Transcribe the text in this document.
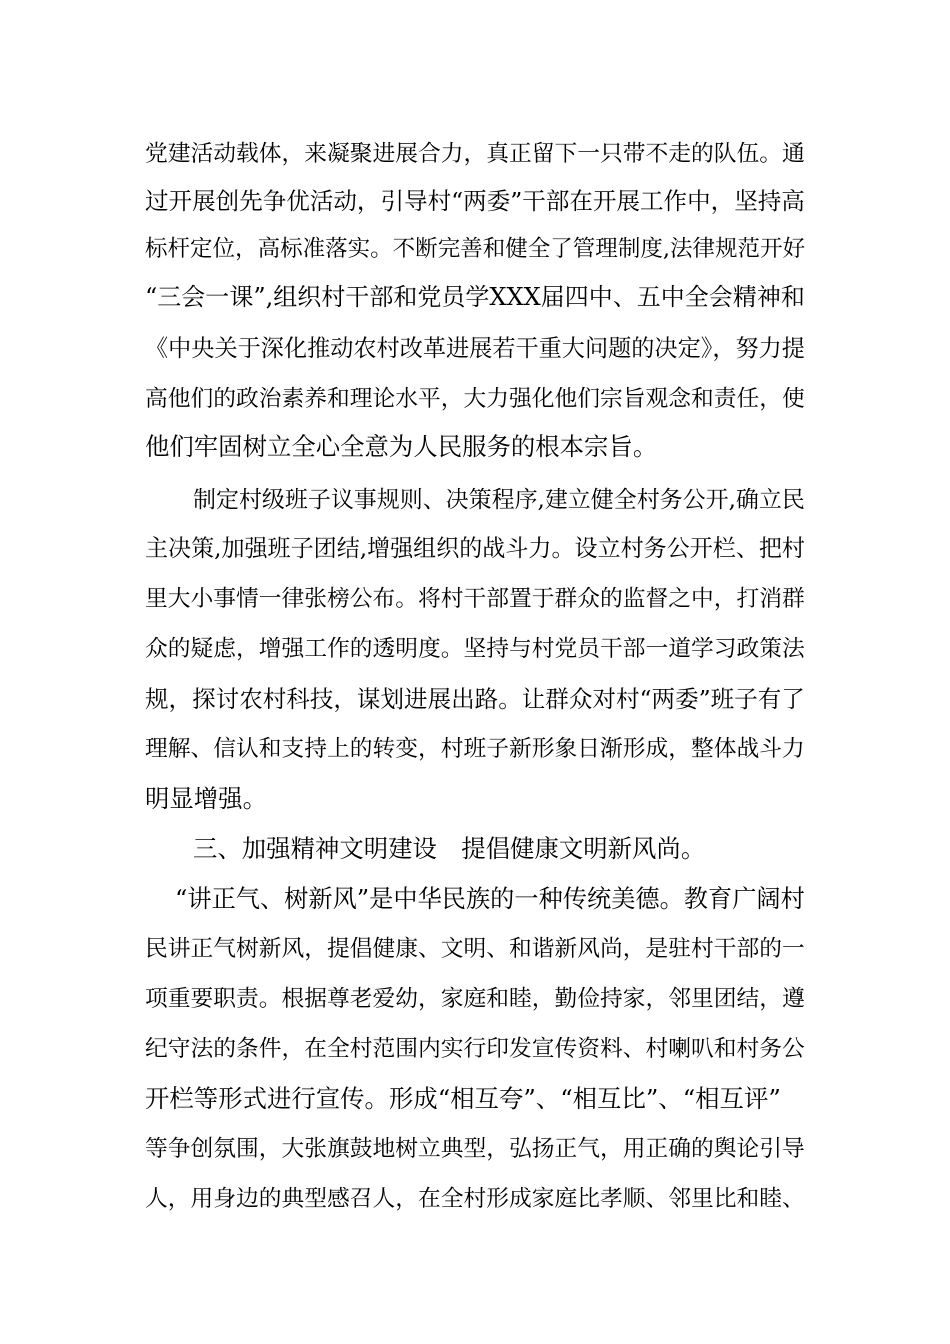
党建活动载体，来凝聚进展合力，真正留下一只带不走的队伍。通
过开展创先争优活动，引导村“两委”干部在开展工作中，坚持高
标杆定位，高标准落实。不断完善和健全了管理制度,法律规范开好
“三会一课”,组织村干部和党员学XXX届四中、五中全会精神和
《中央关于深化推动农村改革进展若干重大问题的决定》，努力提
高他们的政治素养和理论水平，大力强化他们宗旨观念和责任，使
他们牢固树立全心全意为人民服务的根本宗旨。
制定村级班子议事规则、决策程序,建立健全村务公开,确立民
主决策,加强班子团结,增强组织的战斗力。设立村务公开栏、把村
里大小事情一律张榜公布。将村干部置于群众的监督之中，打消群
众的疑虑，增强工作的透明度。坚持与村党员干部一道学习政策法
规，探讨农村科技，谋划进展出路。让群众对村“两委”班子有了
理解、信认和支持上的转变，村班子新形象日渐形成，整体战斗力
明显增强。
三、加强精神文明建设　提倡健康文明新风尚。
“讲正气、树新风”是中华民族的一种传统美德。教育广阔村
民讲正气树新风，提倡健康、文明、和谐新风尚，是驻村干部的一
项重要职责。根据尊老爱幼，家庭和睦，勤俭持家，邻里团结，遵
纪守法的条件，在全村范围内实行印发宣传资料、村喇叭和村务公
开栏等形式进行宣传。形成“相互夸”、“相互比”、“相互评”
等争创氛围，大张旗鼓地树立典型，弘扬正气，用正确的舆论引导
人，用身边的典型感召人，在全村形成家庭比孝顺、邻里比和睦、
